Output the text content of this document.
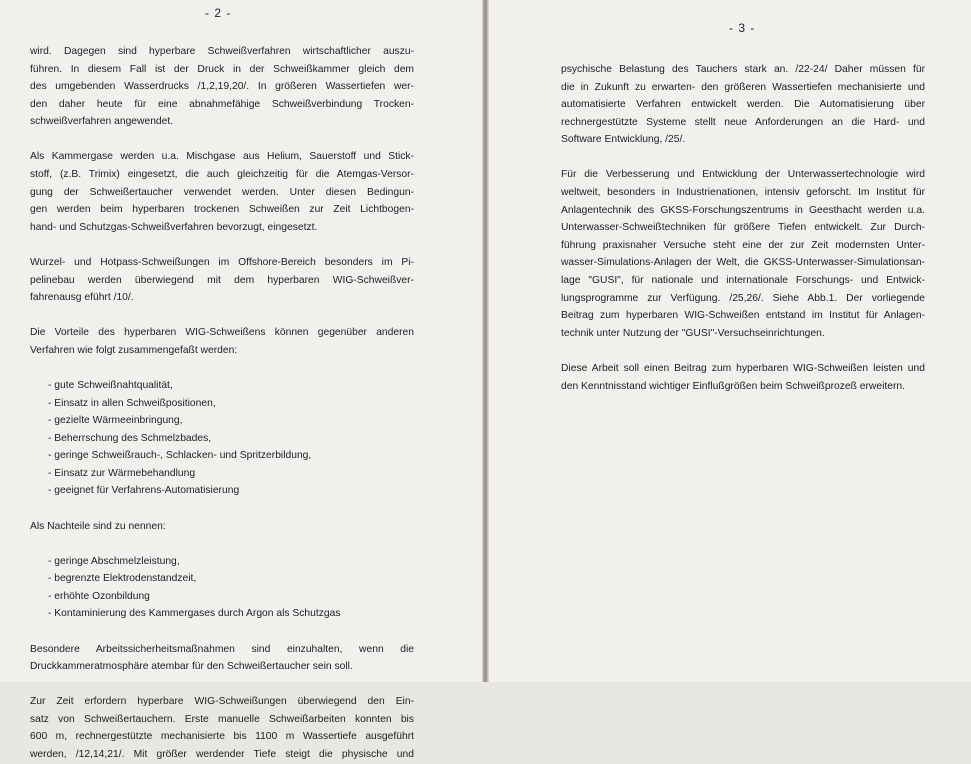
- 2 -
wird. Dagegen sind hyperbare Schweißverfahren wirtschaftlicher auszu-
führen. In diesem Fall ist der Druck in der Schweißkammer gleich dem
des umgebenden Wasserdrucks /1,2,19,20/. In größeren Wassertiefen wer-
den daher heute für eine abnahmefähige Schweißverbindung Trocken-
schweißverfahren angewendet.
Als Kammergase werden u.a. Mischgase aus Helium, Sauerstoff und Stick-
stoff, (z.B. Trimix) eingesetzt, die auch gleichzeitig für die Atemgas-Versor-
gung der Schweißertaucher verwendet werden. Unter diesen Bedingun-
gen werden beim hyperbaren trockenen Schweißen zur Zeit Lichtbogen-
hand- und Schutzgas-Schweißverfahren bevorzugt, eingesetzt.
Wurzel- und Hotpass-Schweißungen im Offshore-Bereich besonders im Pi-
pelinebau werden überwiegend mit dem hyperbaren WIG-Schweißver-
fahrenausg eführt /10/.
Die Vorteile des hyperbaren WIG-Schweißens können gegenüber anderen
Verfahren wie folgt zusammengefaßt werden:
- gute Schweißnahtqualität,
- Einsatz in allen Schweißpositionen,
- gezielte Wärmeeinbringung,
- Beherrschung des Schmelzbades,
- geringe Schweißrauch-, Schlacken- und Spritzerbildung,
- Einsatz zur Wärmebehandlung
- geeignet für Verfahrens-Automatisierung
Als Nachteile sind zu nennen:
- geringe Abschmelzleistung,
- begrenzte Elektrodenstandzeit,
- erhöhte Ozonbildung
- Kontaminierung des Kammergases durch Argon als Schutzgas
Besondere Arbeitssicherheitsmaßnahmen sind einzuhalten, wenn die
Druckkammeratmosphäre atembar für den Schweißertaucher sein soll.
Zur Zeit erfordern hyperbare WIG-Schweißungen überwiegend den Ein-
satz von Schweißertauchern. Erste manuelle Schweißarbeiten konnten bis
600 m, rechnergestützte mechanisierte bis 1100 m Wassertiefe ausgeführt
werden, /12,14,21/. Mit größer werdender Tiefe steigt die physische und
- 3 -
psychische Belastung des Tauchers stark an. /22-24/ Daher müssen für
die in Zukunft zu erwarten- den größeren Wassertiefen mechanisierte und
automatisierte Verfahren entwickelt werden. Die Automatisierung über
rechnergestützte Systeme stellt neue Anforderungen an die Hard- und
Software Entwicklung, /25/.
Für die Verbesserung und Entwicklung der Unterwassertechnologie wird
weltweit, besonders in Industrienationen, intensiv geforscht. Im Institut für
Anlagentechnik des GKSS-Forschungszentrums in Geesthacht werden u.a.
Unterwasser-Schweißtechniken für größere Tiefen entwickelt. Zur Durch-
führung praxisnaher Versuche steht eine der zur Zeit modernsten Unter-
wasser-Simulations-Anlagen der Welt, die GKSS-Unterwasser-Simulationsan-
lage "GUSI", für nationale und internationale Forschungs- und Entwick-
lungsprogramme zur Verfügung. /25,26/. Siehe Abb.1. Der vorliegende
Beitrag zum hyperbaren WIG-Schweißen entstand im Institut für Anlagen-
technik unter Nutzung der "GUSI"-Versuchseinrichtungen.
Diese Arbeit soll einen Beitrag zum hyperbaren WIG-Schweißen leisten und
den Kenntnisstand wichtiger Einflußgrößen beim Schweißprozeß erweitern.
